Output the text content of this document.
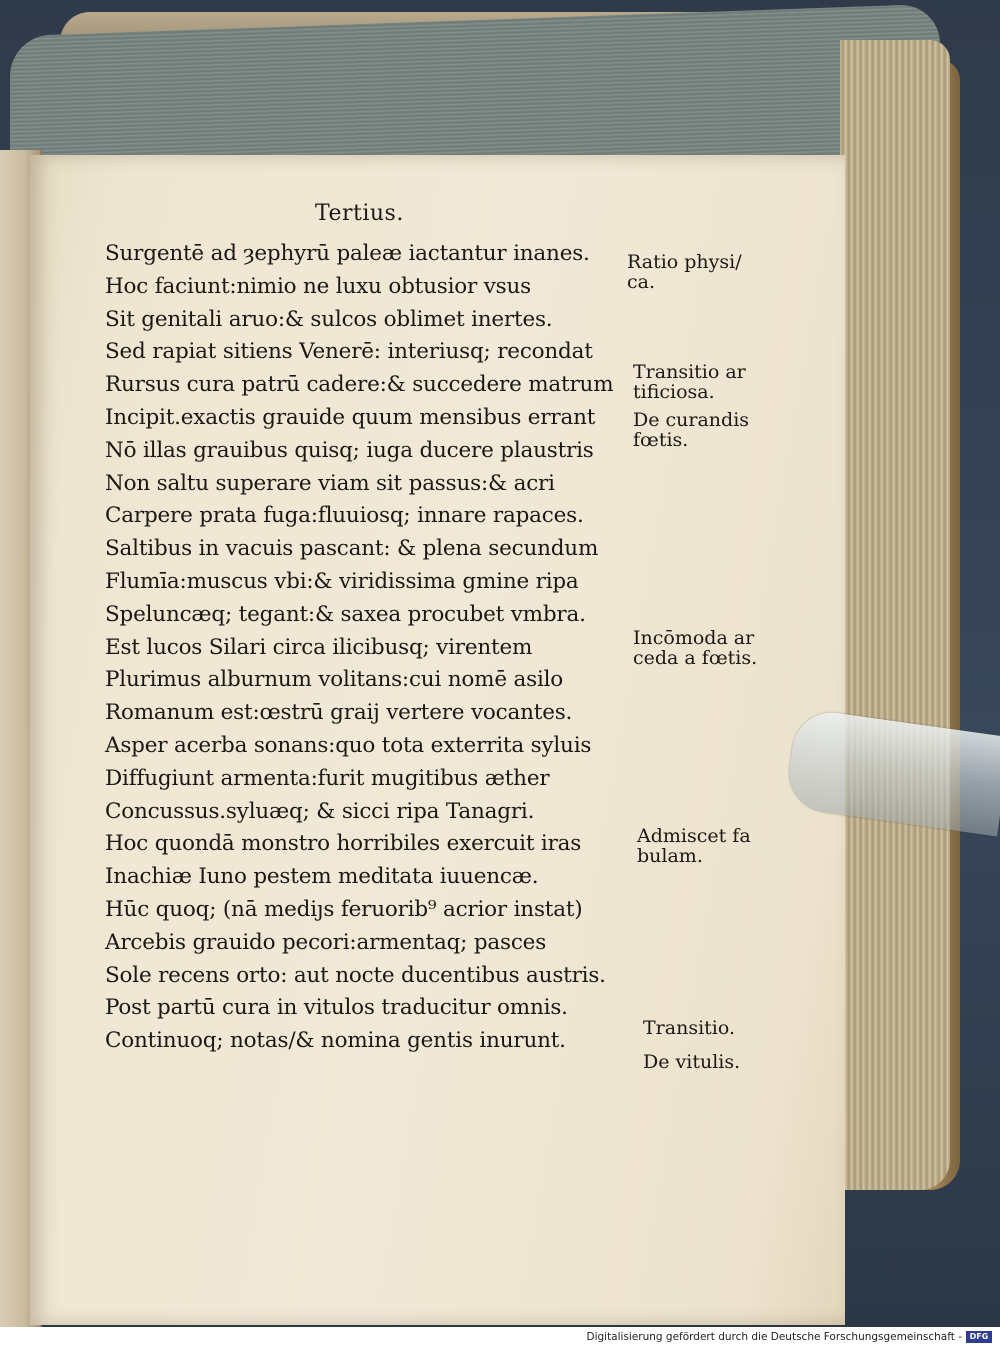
Tertius.
Surgentē ad ȝephyrū paleæ iactantur inanes.
Hoc faciunt:nimio ne luxu obtusior vsus
Sit genitali aruo:& sulcos oblimet inertes.
Sed rapiat sitiens Venerē: interiusq; recondat
Rursus cura patrū cadere:& succedere matrum
Incipit.exactis grauide quum mensibus errant
Nō illas grauibus quisq; iuga ducere plaustris
Non saltu superare viam sit passus:& acri
Carpere prata fuga:fluuiosq; innare rapaces.
Saltibus in vacuis pascant: & plena secundum
Flumīa:muscus vbi:& viridissima gmine ripa
Speluncæq; tegant:& saxea procubet vmbra.
Est lucos Silari circa ilicibusq; virentem
Plurimus alburnum volitans:cui nomē asilo
Romanum est:œstrū graij vertere vocantes.
Asper acerba sonans:quo tota exterrita syluis
Diffugiunt armenta:furit mugitibus æther
Concussus.syluæq; & sicci ripa Tanagri.
Hoc quondā monstro horribiles exercuit iras
Inachiæ Iuno pestem meditata iuuencæ.
Hūc quoq; (nā mediȷs feruorib⁹ acrior instat)
Arcebis grauido pecori:armentaq; pasces
Sole recens orto: aut nocte ducentibus austris.
Post partū cura in vitulos traducitur omnis.
Continuoq; notas/& nomina gentis inurunt.
Ratio physi/
ca.
Transitio ar
tificiosa.
De curandis
fœtis.
Incōmoda ar
ceda a fœtis.
Admiscet fa
bulam.
Transitio.
De vitulis.
Digitalisierung gefördert durch die Deutsche Forschungsgemeinschaft - DFG
